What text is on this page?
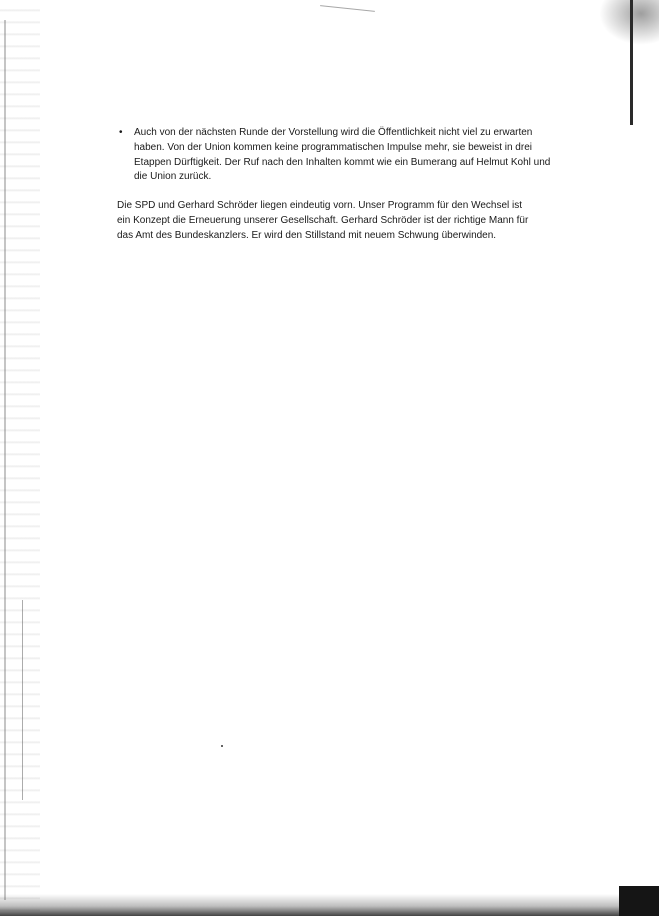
• Auch von der nächsten Runde der Vorstellung wird die Öffentlichkeit nicht viel zu erwarten haben. Von der Union kommen keine programmatischen Impulse mehr, sie beweist in drei Etappen Dürftigkeit. Der Ruf nach den Inhalten kommt wie ein Bumerang auf Helmut Kohl und die Union zurück.

Die SPD und Gerhard Schröder liegen eindeutig vorn. Unser Programm für den Wechsel ist ein Konzept die Erneuerung unserer Gesellschaft. Gerhard Schröder ist der richtige Mann für das Amt des Bundeskanzlers. Er wird den Stillstand mit neuem Schwung überwinden.
